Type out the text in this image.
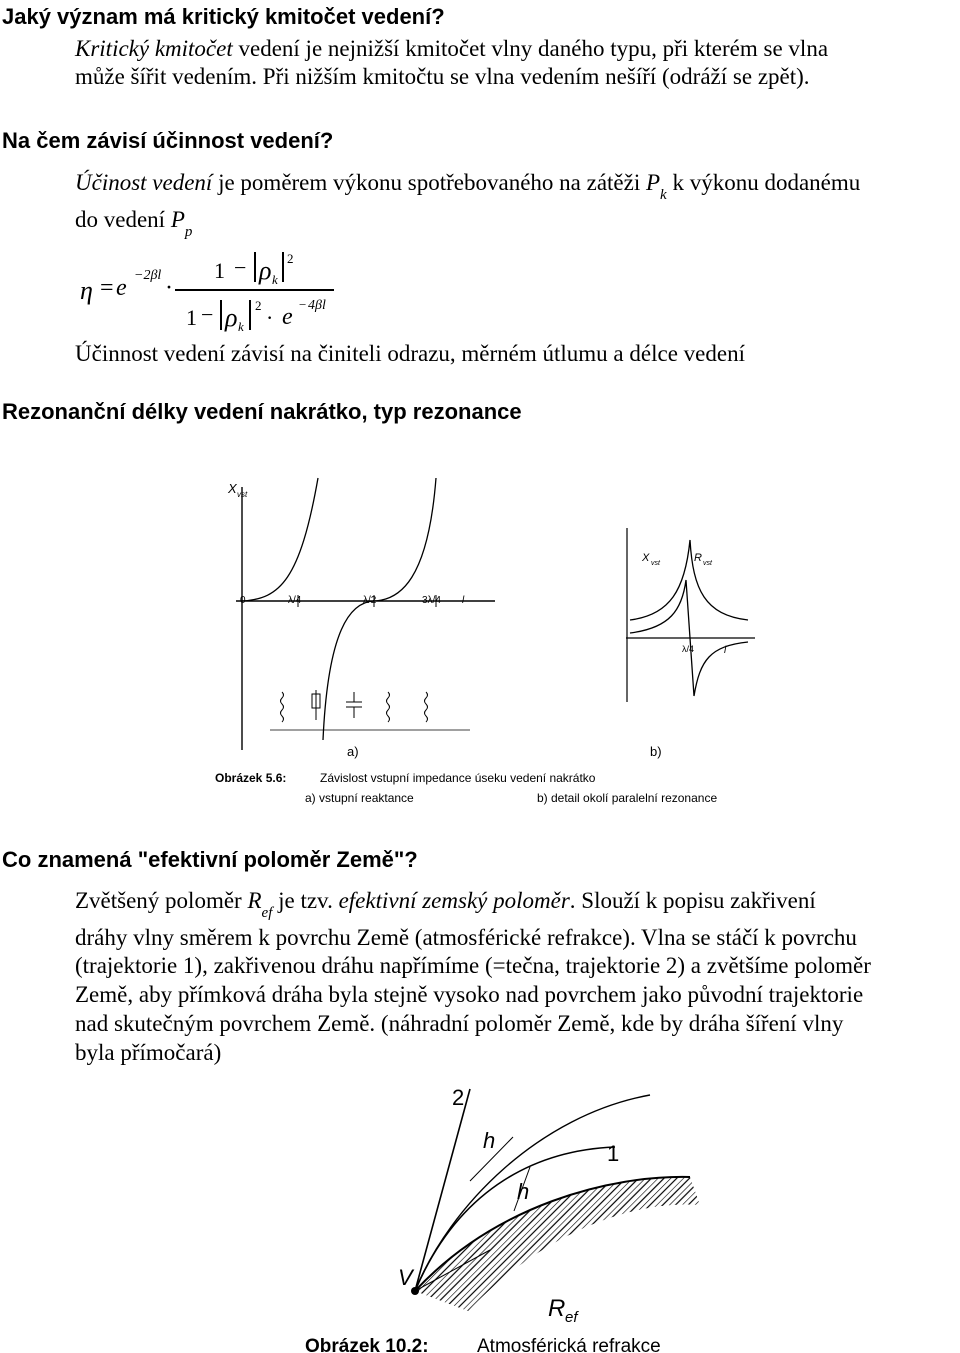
Jaký význam má kritický kmitočet vedení?
Kritický kmitočet vedení je nejnižší kmitočet vlny daného typu, při kterém se vlna
může šířit vedením. Při nižším kmitočtu se vlna vedením nešíří (odráží se zpět).
Na čem závisí účinnost vedení?
Účinost vedení je poměrem výkonu spotřebovaného na zátěži $P_k$ k výkonu dodanému
do vedení $P_p$
η = e −2βl ·
1 − ρ k
2
1 − ρ k
2 · e − 4βl
Účinnost vedení závisí na činiteli odrazu, měrném útlumu a délce vedení
Rezonanční délky vedení nakrátko, typ rezonance
X vst
0	λ/4	λ/2	3λ/4 l
X vst	R vst
λ/4	l
a)	b)
Obrázek 5.6:	Závislost vstupní impedance úseku vedení nakrátko
a) vstupní reaktance	b) detail okolí paralelní rezonance
Co znamená "efektivní poloměr Země"?
Zvětšený poloměr $R_{ef}$ je tzv. efektivní zemský poloměr. Slouží k popisu zakřivení
dráhy vlny směrem k povrchu Země (atmosférické refrakce). Vlna se stáčí k povrchu
(trajektorie 1), zakřivenou dráhu napřímíme (=tečna, trajektorie 2) a zvětšíme poloměr
Země, aby přímková dráha byla stejně vysoko nad povrchem jako původní trajektorie
nad skutečným povrchem Země. (náhradní poloměr Země, kde by dráha šíření vlny
byla přímočará)
2
1
h
h
V
R ef
Obrázek 10.2:	Atmosférická refrakce
